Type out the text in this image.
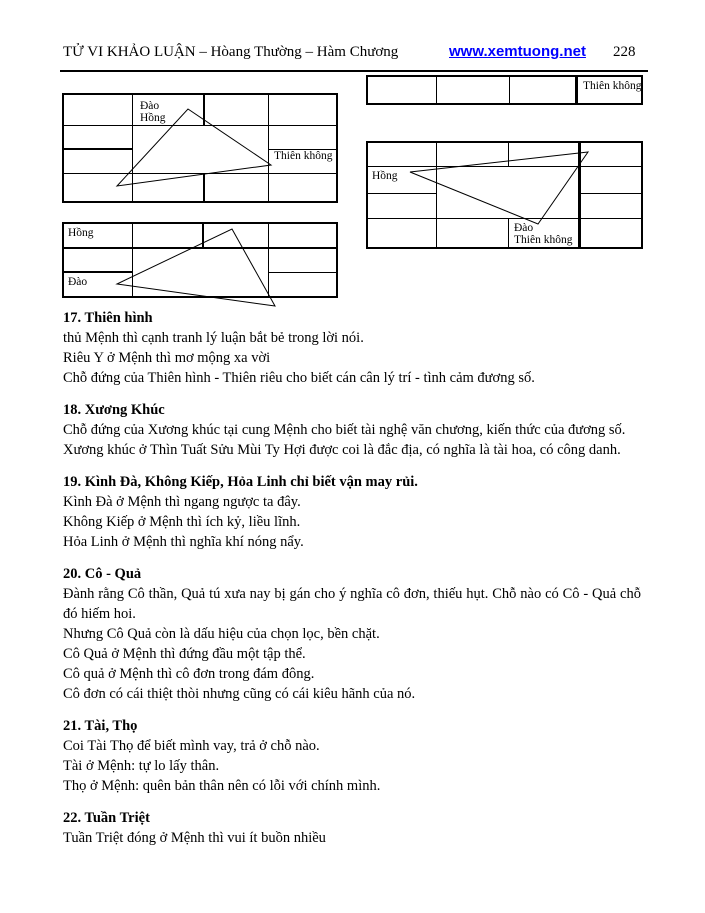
TỬ VI KHẢO LUẬN – Hòang Thường – Hàm Chương	www.xemtuong.net 228
Đào
Hồng
Thiên không
Thiên không
Hồng
Đào
Thiên không
Hồng
Đào
17. Thiên hình
thủ Mệnh thì cạnh tranh lý luận bắt bẻ trong lời nói.
Riêu Y ở Mệnh thì mơ mộng xa vời
Chỗ đứng của Thiên hình - Thiên riêu cho biết cán cân lý trí - tình cảm đương số.
18. Xương Khúc
Chỗ đứng của Xương khúc tại cung Mệnh cho biết tài nghệ văn chương, kiến thức của đương số.
Xương khúc ở Thìn Tuất Sửu Mùi Ty Hợi được coi là đắc địa, có nghĩa là tài hoa, có công danh.
19. Kình Đà, Không Kiếp, Hỏa Linh chỉ biết vận may rủi.
Kình Đà ở Mệnh thì ngang ngược ta đây.
Không Kiếp ở Mệnh thì ích kỷ, liều lĩnh.
Hỏa Linh ở Mệnh thì nghĩa khí nóng nẩy.
20. Cô - Quả
Đành rằng Cô thần, Quả tú xưa nay bị gán cho ý nghĩa cô đơn, thiếu hụt. Chỗ nào có Cô - Quả chỗ đó hiếm hoi.
Nhưng Cô Quả còn là dấu hiệu của chọn lọc, bền chặt.
Cô Quả ở Mệnh thì đứng đầu một tập thể.
Cô quả ở Mệnh thì cô đơn trong đám đông.
Cô đơn có cái thiệt thòi nhưng cũng có cái kiêu hãnh của nó.
21. Tài, Thọ
Coi Tài Thọ để biết mình vay, trả ở chỗ nào.
Tài ở Mệnh: tự lo lấy thân.
Thọ ở Mệnh: quên bản thân nên có lỗi với chính mình.
22. Tuần Triệt
Tuần Triệt đóng ở Mệnh thì vui ít buồn nhiều
